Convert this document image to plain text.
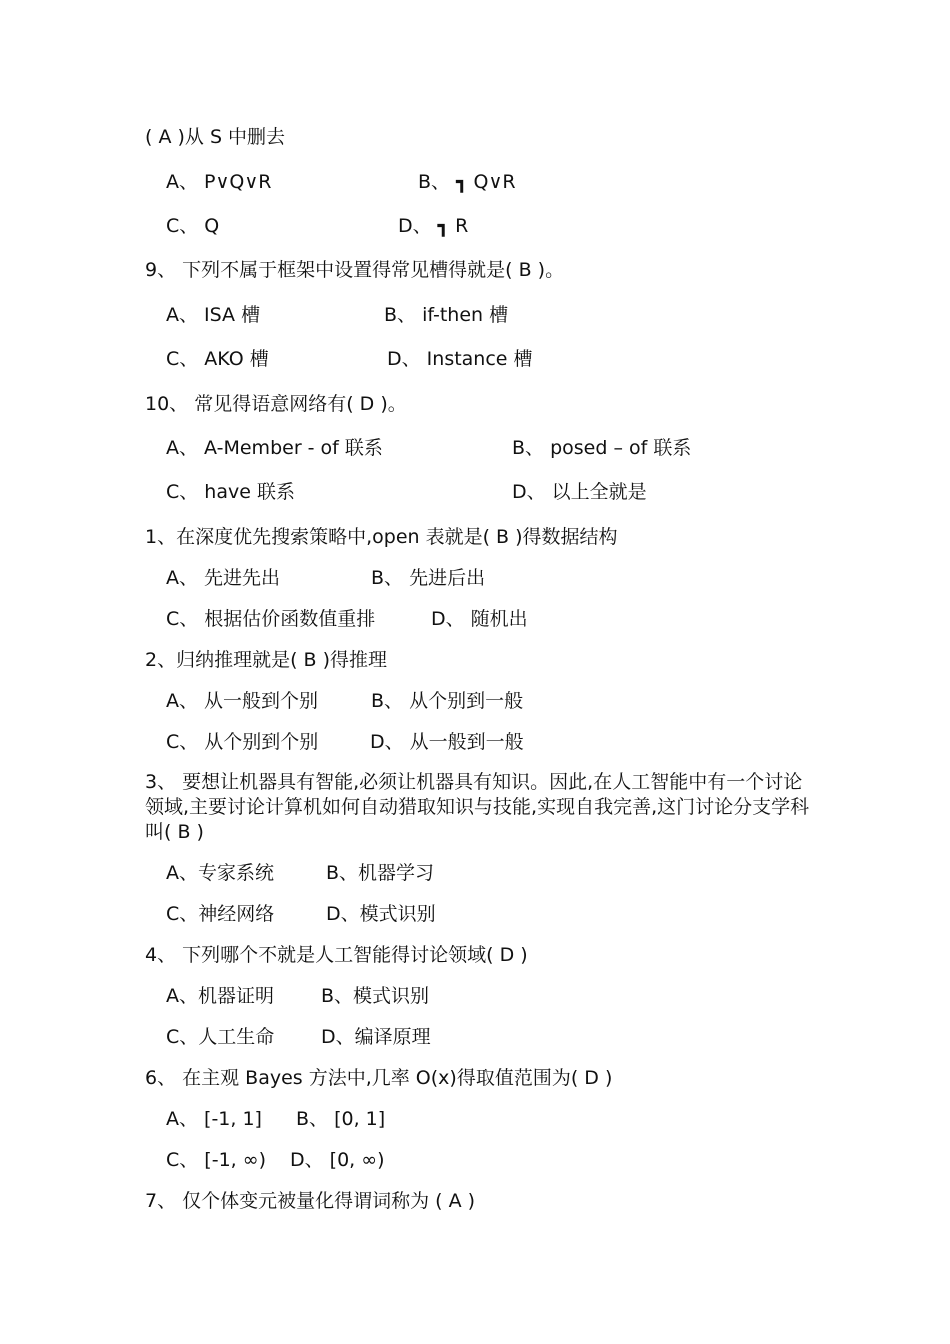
( A )从 S 中删去
A、 P∨Q∨R	B、 ┓ Q∨R
C、 Q	D、 ┓ R
9、 下列不属于框架中设置得常见槽得就是( B )。
A、 ISA 槽	B、 if-then 槽
C、 AKO 槽	D、 Instance 槽
10、 常见得语意网络有( D )。
A、 A-Member - of 联系	B、 posed – of 联系
C、 have 联系	D、 以上全就是
1、在深度优先搜索策略中,open 表就是( B )得数据结构
A、 先进先出	B、 先进后出
C、 根据估价函数值重排	D、 随机出
2、归纳推理就是( B )得推理
A、 从一般到个别	B、 从个别到一般
C、 从个别到个别	D、 从一般到一般
3、 要想让机器具有智能,必须让机器具有知识。因此,在人工智能中有一个讨论领域,主要讨论计算机如何自动猎取知识与技能,实现自我完善,这门讨论分支学科叫( B )
A、专家系统	B、机器学习
C、神经网络	D、模式识别
4、 下列哪个不就是人工智能得讨论领域( D )
A、机器证明 B、模式识别
C、人工生命 D、编译原理
6、 在主观 Bayes 方法中,几率 O(x)得取值范围为( D )
A、 [-1, 1] B、 [0, 1]
C、 [-1, ∞) D、 [0, ∞)
7、 仅个体变元被量化得谓词称为 ( A )
